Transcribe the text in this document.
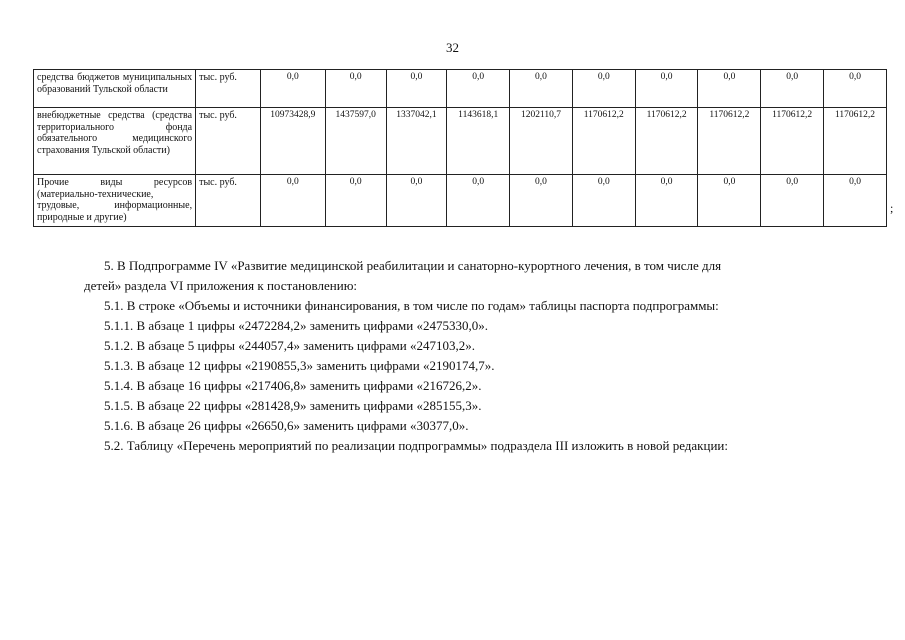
32
средства бюджетов муниципальных образований Тульской области	тыс. руб.	0,0	0,0	0,0	0,0	0,0	0,0	0,0	0,0	0,0	0,0
внебюджетные средства (средства территориального фонда обязательного медицинского страхования Тульской области)	тыс. руб.	10973428,9	1437597,0	1337042,1	1143618,1	1202110,7	1170612,2	1170612,2	1170612,2	1170612,2	1170612,2
Прочие виды ресурсов (материально-технические, трудовые, информационные, природные и другие)	тыс. руб.	0,0	0,0	0,0	0,0	0,0	0,0	0,0	0,0	0,0	0,0
;

5. В Подпрограмме IV «Развитие медицинской реабилитации и санаторно-курортного лечения, в том числе для
детей» раздела VI приложения к постановлению:

5.1. В строке «Объемы и источники финансирования, в том числе по годам» таблицы паспорта подпрограммы:

5.1.1. В абзаце 1 цифры «2472284,2» заменить цифрами «2475330,0».

5.1.2. В абзаце 5 цифры «244057,4» заменить цифрами «247103,2».

5.1.3. В абзаце 12 цифры «2190855,3» заменить цифрами «2190174,7».

5.1.4. В абзаце 16 цифры «217406,8» заменить цифрами «216726,2».

5.1.5. В абзаце 22 цифры «281428,9» заменить цифрами «285155,3».

5.1.6. В абзаце 26 цифры «26650,6» заменить цифрами «30377,0».

5.2. Таблицу «Перечень мероприятий по реализации подпрограммы» подраздела III изложить в новой редакции:
